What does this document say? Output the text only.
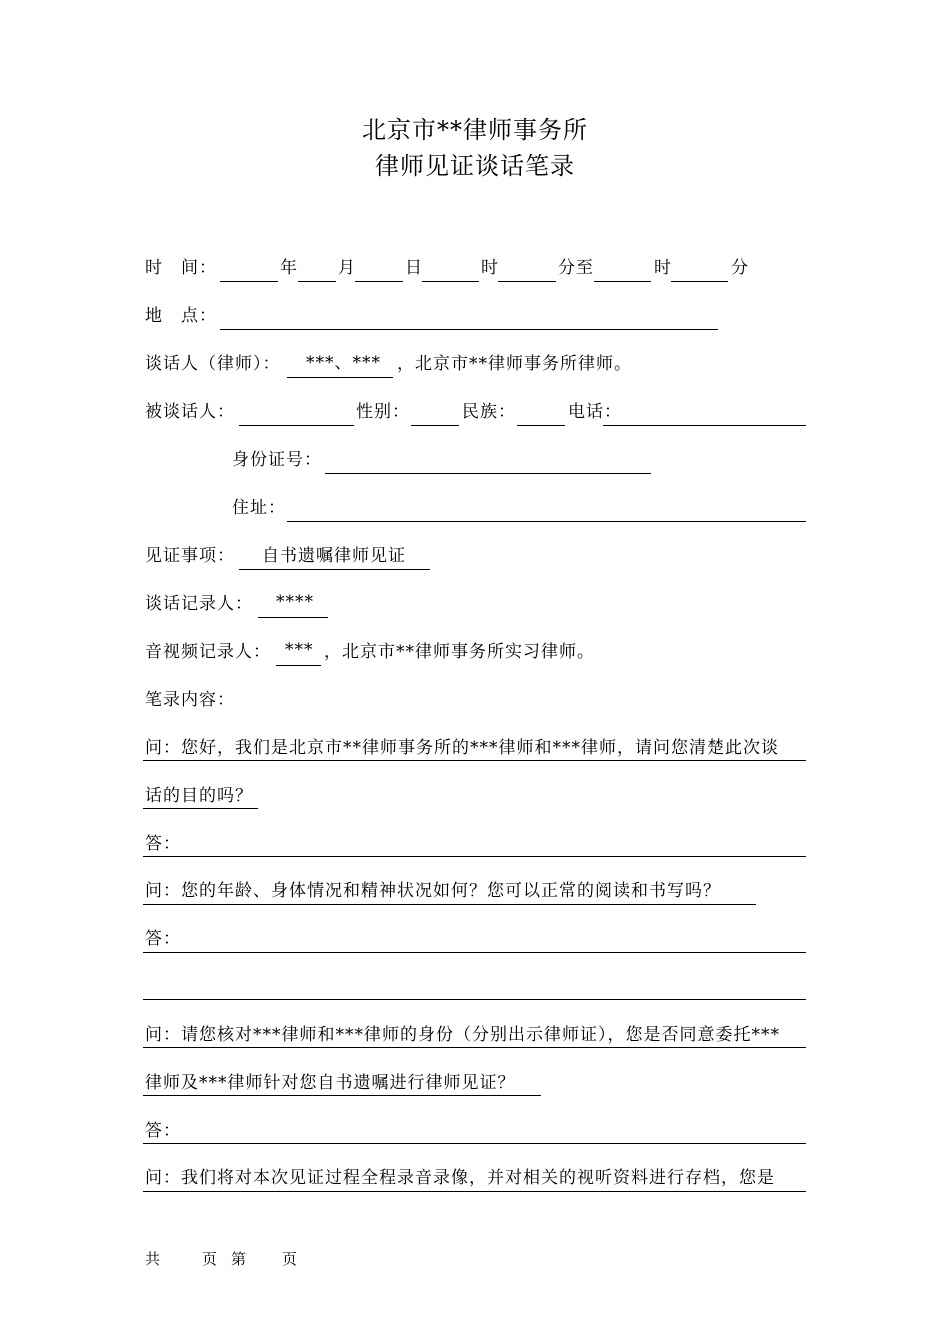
北京市**律师事务所
律师见证谈话笔录
时　间：	年 月	日	时	分至	时	分
地　点：
谈话人（律师）： ***、*** ，北京市**律师事务所律师。
被谈话人：	性别：	民族：	电话：
身份证号：
住址：
见证事项： 自书遗嘱律师见证
谈话记录人： ****
音视频记录人： *** ，北京市**律师事务所实习律师。
笔录内容：
问：您好，我们是北京市**律师事务所的***律师和***律师，请问您清楚此次谈
话的目的吗？
答：
问：您的年龄、身体情况和精神状况如何？您可以正常的阅读和书写吗？
答：
问：请您核对***律师和***律师的身份（分别出示律师证），您是否同意委托***
律师及***律师针对您自书遗嘱进行律师见证？
答：
问：我们将对本次见证过程全程录音录像，并对相关的视听资料进行存档，您是
共	页 第 页
